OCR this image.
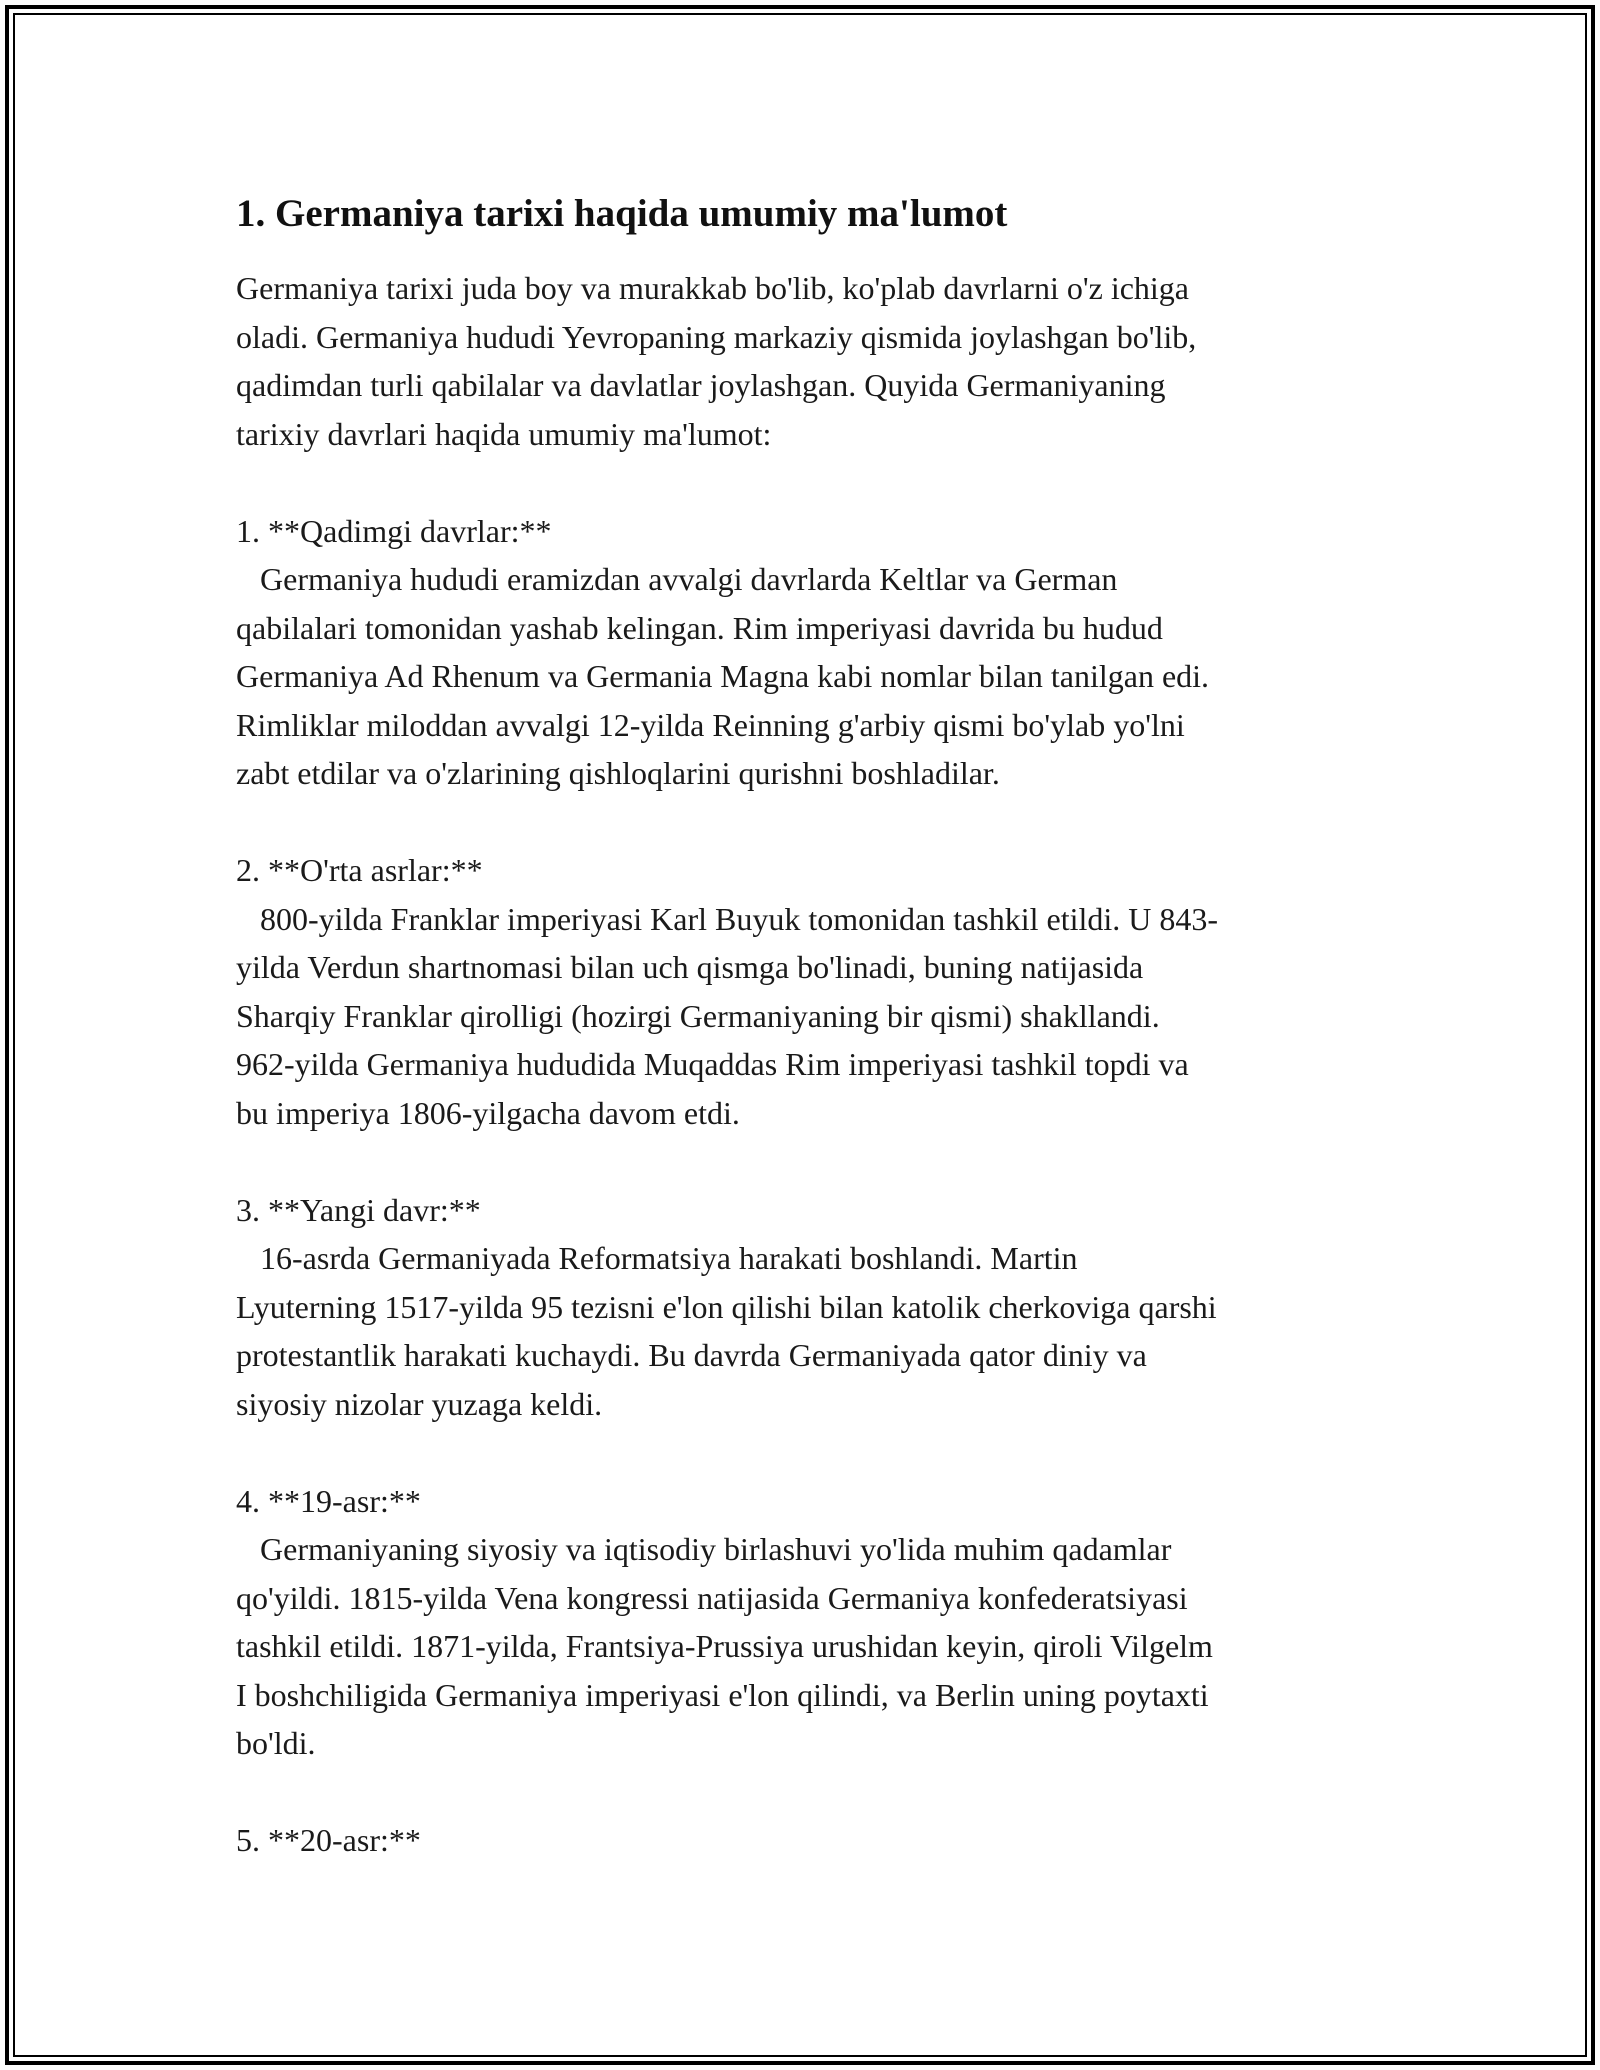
1. Germaniya tarixi haqida umumiy ma'lumot

Germaniya tarixi juda boy va murakkab bo'lib, ko'plab davrlarni o'z ichiga
oladi. Germaniya hududi Yevropaning markaziy qismida joylashgan bo'lib,
qadimdan turli qabilalar va davlatlar joylashgan. Quyida Germaniyaning
tarixiy davrlari haqida umumiy ma'lumot:

1. **Qadimgi davrlar:**

Germaniya hududi eramizdan avvalgi davrlarda Keltlar va German
qabilalari tomonidan yashab kelingan. Rim imperiyasi davrida bu hudud
Germaniya Ad Rhenum va Germania Magna kabi nomlar bilan tanilgan edi.
Rimliklar miloddan avvalgi 12-yilda Reinning g'arbiy qismi bo'ylab yo'lni
zabt etdilar va o'zlarining qishloqlarini qurishni boshladilar.

2. **O'rta asrlar:**

800-yilda Franklar imperiyasi Karl Buyuk tomonidan tashkil etildi. U 843-
yilda Verdun shartnomasi bilan uch qismga bo'linadi, buning natijasida
Sharqiy Franklar qirolligi (hozirgi Germaniyaning bir qismi) shakllandi.
962-yilda Germaniya hududida Muqaddas Rim imperiyasi tashkil topdi va
bu imperiya 1806-yilgacha davom etdi.

3. **Yangi davr:**

16-asrda Germaniyada Reformatsiya harakati boshlandi. Martin
Lyuterning 1517-yilda 95 tezisni e'lon qilishi bilan katolik cherkoviga qarshi
protestantlik harakati kuchaydi. Bu davrda Germaniyada qator diniy va
siyosiy nizolar yuzaga keldi.

4. **19-asr:**

Germaniyaning siyosiy va iqtisodiy birlashuvi yo'lida muhim qadamlar
qo'yildi. 1815-yilda Vena kongressi natijasida Germaniya konfederatsiyasi
tashkil etildi. 1871-yilda, Frantsiya-Prussiya urushidan keyin, qiroli Vilgelm
I boshchiligida Germaniya imperiyasi e'lon qilindi, va Berlin uning poytaxti
bo'ldi.

5. **20-asr:**
